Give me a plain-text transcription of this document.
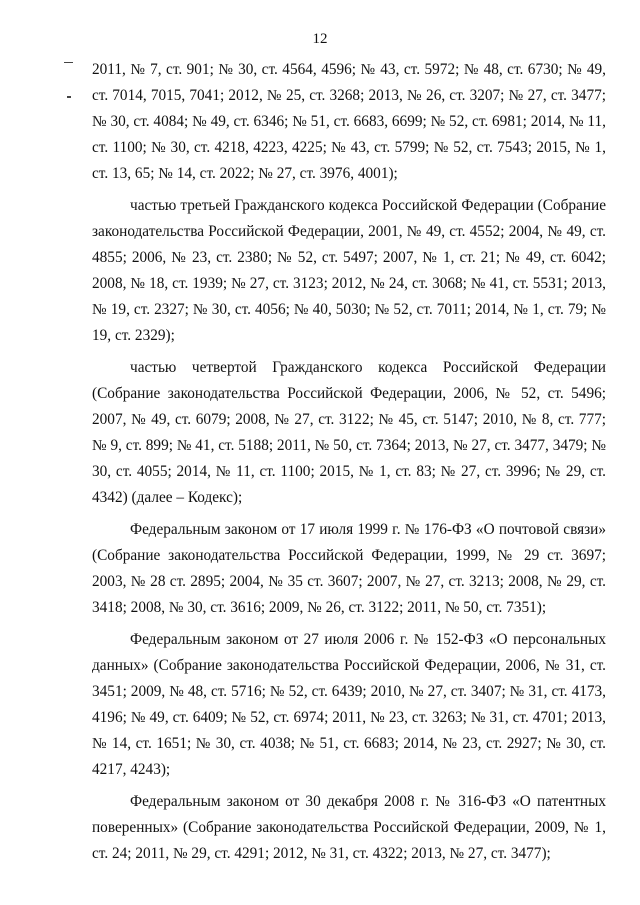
12

2011, № 7, ст. 901; № 30, ст. 4564, 4596; № 43, ст. 5972; № 48, ст. 6730; № 49, ст. 7014, 7015, 7041; 2012, № 25, ст. 3268; 2013, № 26, ст. 3207; № 27, ст. 3477; № 30, ст. 4084; № 49, ст. 6346; № 51, ст. 6683, 6699; № 52, ст. 6981; 2014, № 11, ст. 1100; № 30, ст. 4218, 4223, 4225; № 43, ст. 5799; № 52, ст. 7543; 2015, № 1, ст. 13, 65; № 14, ст. 2022; № 27, ст. 3976, 4001);

частью третьей Гражданского кодекса Российской Федерации (Собрание законодательства Российской Федерации, 2001, № 49, ст. 4552; 2004, № 49, ст. 4855; 2006, № 23, ст. 2380; № 52, ст. 5497; 2007, № 1, ст. 21; № 49, ст. 6042; 2008, № 18, ст. 1939; № 27, ст. 3123; 2012, № 24, ст. 3068; № 41, ст. 5531; 2013, № 19, ст. 2327; № 30, ст. 4056; № 40, 5030; № 52, ст. 7011; 2014, № 1, ст. 79; № 19, ст. 2329);

частью четвертой Гражданского кодекса Российской Федерации (Собрание законодательства Российской Федерации, 2006, № 52, ст. 5496; 2007, № 49, ст. 6079; 2008, № 27, ст. 3122; № 45, ст. 5147; 2010, № 8, ст. 777; № 9, ст. 899; № 41, ст. 5188; 2011, № 50, ст. 7364; 2013, № 27, ст. 3477, 3479; № 30, ст. 4055; 2014, № 11, ст. 1100; 2015, № 1, ст. 83; № 27, ст. 3996; № 29, ст. 4342) (далее – Кодекс);

Федеральным законом от 17 июля 1999 г. № 176-ФЗ «О почтовой связи» (Собрание законодательства Российской Федерации, 1999, № 29 ст. 3697; 2003, № 28 ст. 2895; 2004, № 35 ст. 3607; 2007, № 27, ст. 3213; 2008, № 29, ст. 3418; 2008, № 30, ст. 3616; 2009, № 26, ст. 3122; 2011, № 50, ст. 7351);

Федеральным законом от 27 июля 2006 г. № 152-ФЗ «О персональных данных» (Собрание законодательства Российской Федерации, 2006, № 31, ст. 3451; 2009, № 48, ст. 5716; № 52, ст. 6439; 2010, № 27, ст. 3407; № 31, ст. 4173, 4196; № 49, ст. 6409; № 52, ст. 6974; 2011, № 23, ст. 3263; № 31, ст. 4701; 2013, № 14, ст. 1651; № 30, ст. 4038; № 51, ст. 6683; 2014, № 23, ст. 2927; № 30, ст. 4217, 4243);

Федеральным законом от 30 декабря 2008 г. № 316-ФЗ «О патентных поверенных» (Собрание законодательства Российской Федерации, 2009, № 1, ст. 24; 2011, № 29, ст. 4291; 2012, № 31, ст. 4322; 2013, № 27, ст. 3477);
